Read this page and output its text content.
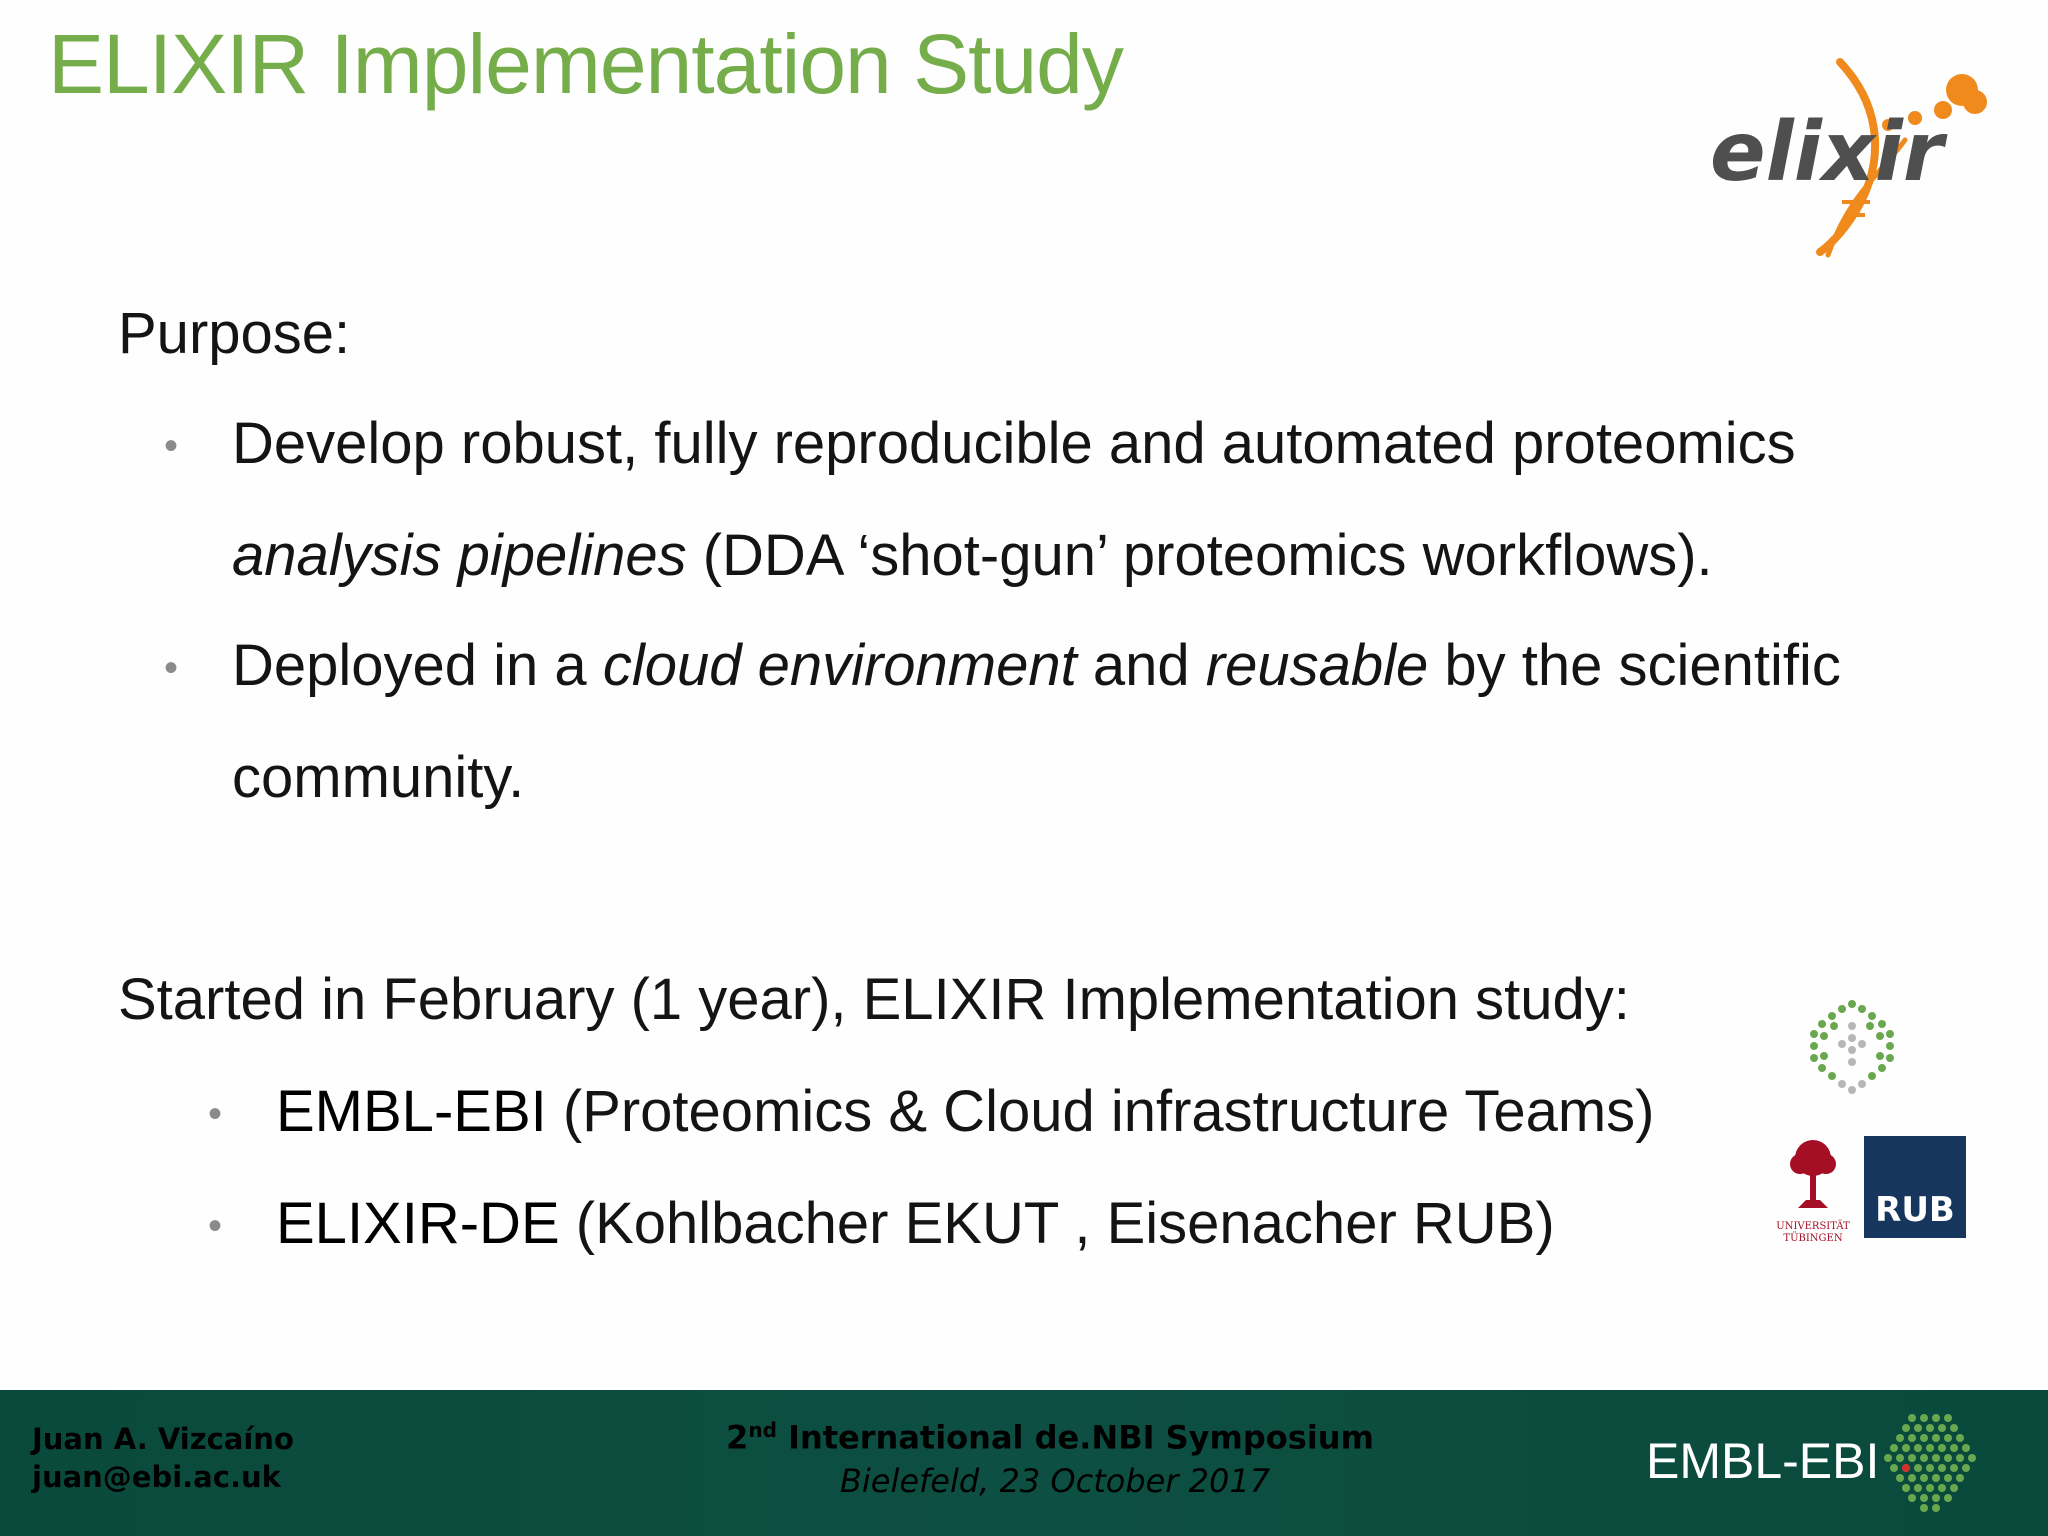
ELIXIR Implementation Study
elixir
Purpose:
• Develop robust, fully reproducible and automated proteomics
analysis pipelines (DDA ‘shot-gun’ proteomics workflows).
• Deployed in a cloud environment and reusable by the scientific
community.
Started in February (1 year), ELIXIR Implementation study:
• EMBL-EBI (Proteomics & Cloud infrastructure Teams)
• ELIXIR-DE (Kohlbacher EKUT , Eisenacher RUB)	UNIVERSITÄT TÜBINGEN
RUB
Juan A. Vizcaíno
juan@ebi.ac.uk
2nd International de.NBI Symposium
Bielefeld, 23 October 2017	EMBL-EBI
